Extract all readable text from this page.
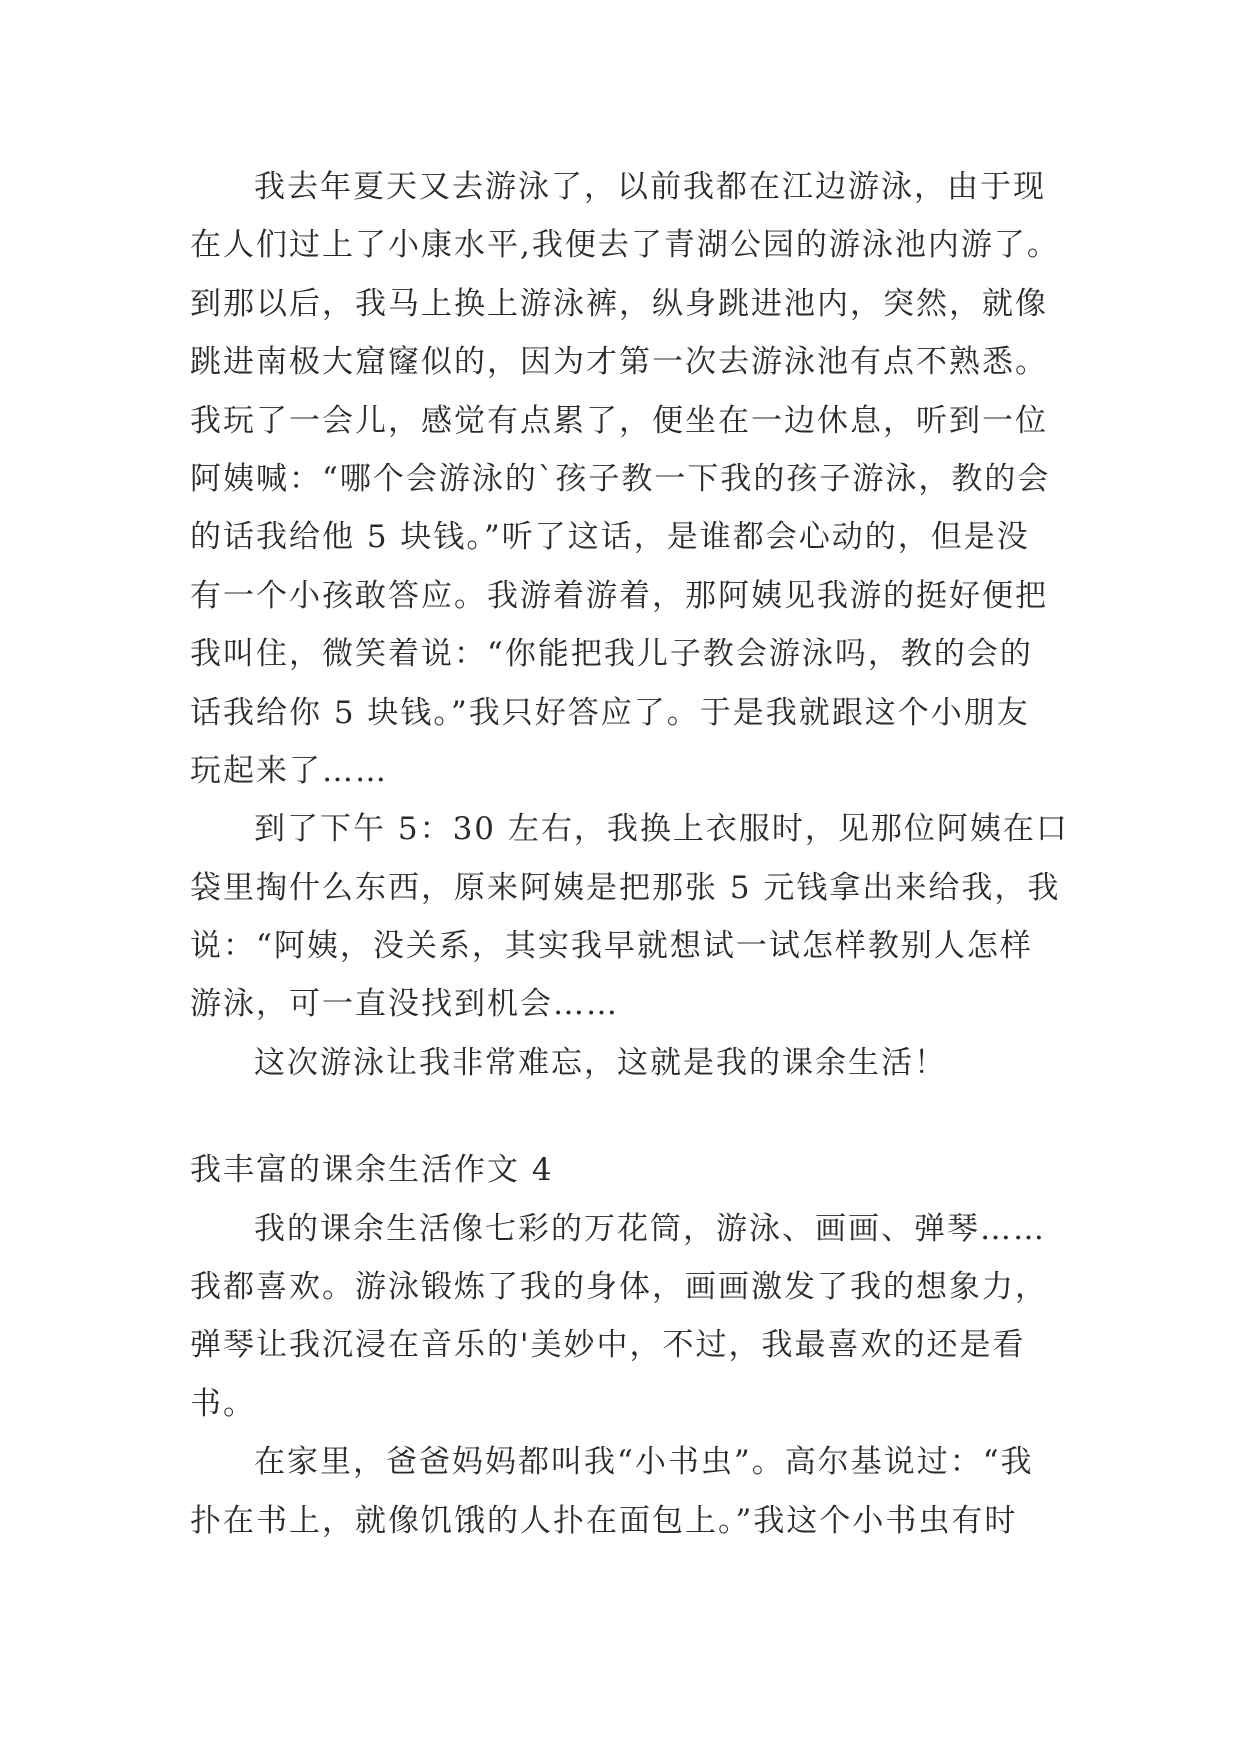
我去年夏天又去游泳了，以前我都在江边游泳，由于现
在人们过上了小康水平,我便去了青湖公园的游泳池内游了。
到那以后，我马上换上游泳裤，纵身跳进池内，突然，就像
跳进南极大窟窿似的，因为才第一次去游泳池有点不熟悉。
我玩了一会儿，感觉有点累了，便坐在一边休息，听到一位
阿姨喊：“哪个会游泳的`孩子教一下我的孩子游泳，教的会
的话我给他 5 块钱。”听了这话，是谁都会心动的，但是没
有一个小孩敢答应。我游着游着，那阿姨见我游的挺好便把
我叫住，微笑着说：“你能把我儿子教会游泳吗，教的会的
话我给你 5 块钱。”我只好答应了。于是我就跟这个小朋友
玩起来了……
到了下午 5：30 左右，我换上衣服时，见那位阿姨在口
袋里掏什么东西，原来阿姨是把那张 5 元钱拿出来给我，我
说：“阿姨，没关系，其实我早就想试一试怎样教别人怎样
游泳，可一直没找到机会……
这次游泳让我非常难忘，这就是我的课余生活！
我丰富的课余生活作文 4
我的课余生活像七彩的万花筒，游泳、画画、弹琴……
我都喜欢。游泳锻炼了我的身体，画画激发了我的想象力，
弹琴让我沉浸在音乐的'美妙中，不过，我最喜欢的还是看
书。
在家里，爸爸妈妈都叫我“小书虫”。高尔基说过：“我
扑在书上，就像饥饿的人扑在面包上。”我这个小书虫有时
